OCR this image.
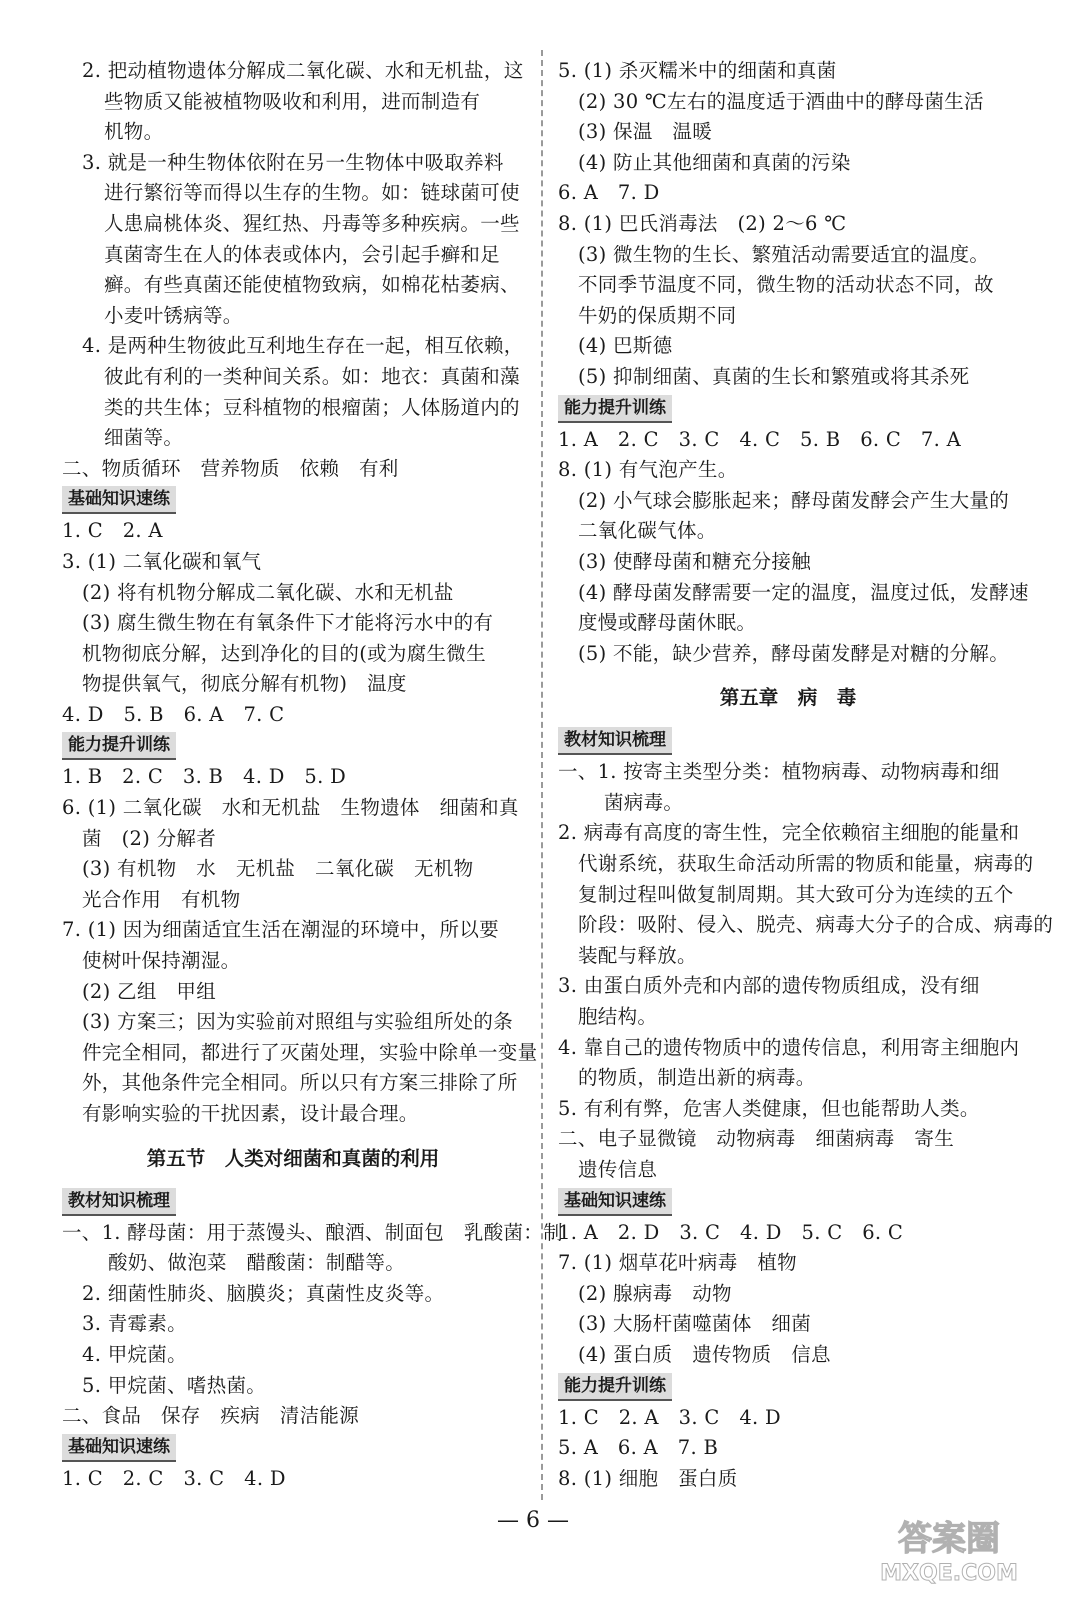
2. 把动植物遗体分解成二氧化碳、水和无机盐，这
些物质又能被植物吸收和利用，进而制造有
机物。
3. 就是一种生物体依附在另一生物体中吸取养料
进行繁衍等而得以生存的生物。如：链球菌可使
人患扁桃体炎、猩红热、丹毒等多种疾病。一些
真菌寄生在人的体表或体内，会引起手癣和足
癣。有些真菌还能使植物致病，如棉花枯萎病、
小麦叶锈病等。
4. 是两种生物彼此互利地生存在一起，相互依赖，
彼此有利的一类种间关系。如：地衣：真菌和藻
类的共生体；豆科植物的根瘤菌；人体肠道内的
细菌等。
二、物质循环　营养物质　依赖　有利
基础知识速练
1. C　2. A
3. (1) 二氧化碳和氧气
(2) 将有机物分解成二氧化碳、水和无机盐
(3) 腐生微生物在有氧条件下才能将污水中的有
机物彻底分解，达到净化的目的(或为腐生微生
物提供氧气，彻底分解有机物)　温度
4. D　5. B　6. A　7. C
能力提升训练
1. B　2. C　3. B　4. D　5. D
6. (1) 二氧化碳　水和无机盐　生物遗体　细菌和真
菌　(2) 分解者
(3) 有机物　水　无机盐　二氧化碳　无机物
光合作用　有机物
7. (1) 因为细菌适宜生活在潮湿的环境中，所以要
使树叶保持潮湿。
(2) 乙组　甲组
(3) 方案三；因为实验前对照组与实验组所处的条
件完全相同，都进行了灭菌处理，实验中除单一变量
外，其他条件完全相同。所以只有方案三排除了所
有影响实验的干扰因素，设计最合理。
第五节　人类对细菌和真菌的利用
教材知识梳理
一、1. 酵母菌：用于蒸馒头、酿酒、制面包　乳酸菌：制
酸奶、做泡菜　醋酸菌：制醋等。
2. 细菌性肺炎、脑膜炎；真菌性皮炎等。
3. 青霉素。
4. 甲烷菌。
5. 甲烷菌、嗜热菌。
二、食品　保存　疾病　清洁能源
基础知识速练
1. C　2. C　3. C　4. D
5. (1) 杀灭糯米中的细菌和真菌
(2) 30 ℃左右的温度适于酒曲中的酵母菌生活
(3) 保温　温暖
(4) 防止其他细菌和真菌的污染
6. A　7. D
8. (1) 巴氏消毒法　(2) 2～6 ℃
(3) 微生物的生长、繁殖活动需要适宜的温度。
不同季节温度不同，微生物的活动状态不同，故
牛奶的保质期不同
(4) 巴斯德
(5) 抑制细菌、真菌的生长和繁殖或将其杀死
能力提升训练
1. A　2. C　3. C　4. C　5. B　6. C　7. A
8. (1) 有气泡产生。
(2) 小气球会膨胀起来；酵母菌发酵会产生大量的
二氧化碳气体。
(3) 使酵母菌和糖充分接触
(4) 酵母菌发酵需要一定的温度，温度过低，发酵速
度慢或酵母菌休眠。
(5) 不能，缺少营养，酵母菌发酵是对糖的分解。
第五章　病　毒
教材知识梳理
一、1. 按寄主类型分类：植物病毒、动物病毒和细
菌病毒。
2. 病毒有高度的寄生性，完全依赖宿主细胞的能量和
代谢系统，获取生命活动所需的物质和能量，病毒的
复制过程叫做复制周期。其大致可分为连续的五个
阶段：吸附、侵入、脱壳、病毒大分子的合成、病毒的
装配与释放。
3. 由蛋白质外壳和内部的遗传物质组成，没有细
胞结构。
4. 靠自己的遗传物质中的遗传信息，利用寄主细胞内
的物质，制造出新的病毒。
5. 有利有弊，危害人类健康，但也能帮助人类。
二、电子显微镜　动物病毒　细菌病毒　寄生
遗传信息
基础知识速练
1. A　2. D　3. C　4. D　5. C　6. C
7. (1) 烟草花叶病毒　植物
(2) 腺病毒　动物
(3) 大肠杆菌噬菌体　细菌
(4) 蛋白质　遗传物质　信息
能力提升训练
1. C　2. A　3. C　4. D
5. A　6. A　7. B
8. (1) 细胞　蛋白质
— 6 —	答案圈
MXQE.COM
